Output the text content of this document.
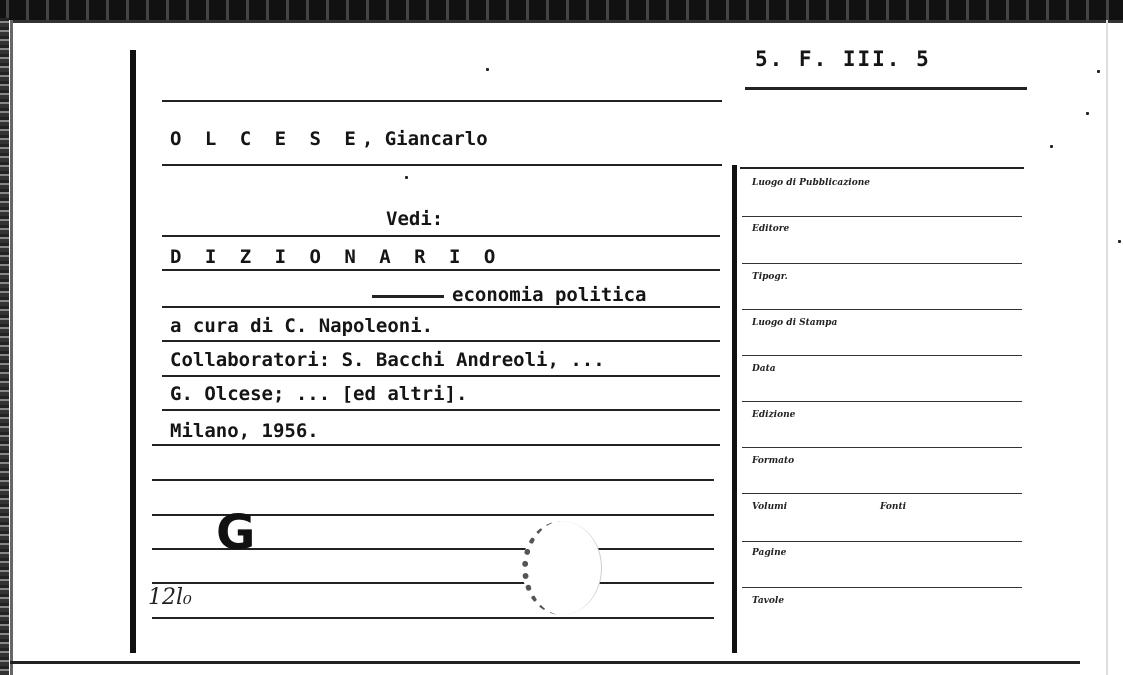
5. F. III. 5
O L C E S E, Giancarlo
Vedi:
D I Z I O N A R I O
economia politica
a cura di C. Napoleoni.
Collaboratori: S. Bacchi Andreoli, ...
G. Olcese; ... [ed altri].
Milano, 1956.
Luogo di Pubblicazione
Editore
Tipogr.
Luogo di Stampa
Data
Edizione
Formato
Volumi	Fonti
Pagine
Tavole
G
12l₀
